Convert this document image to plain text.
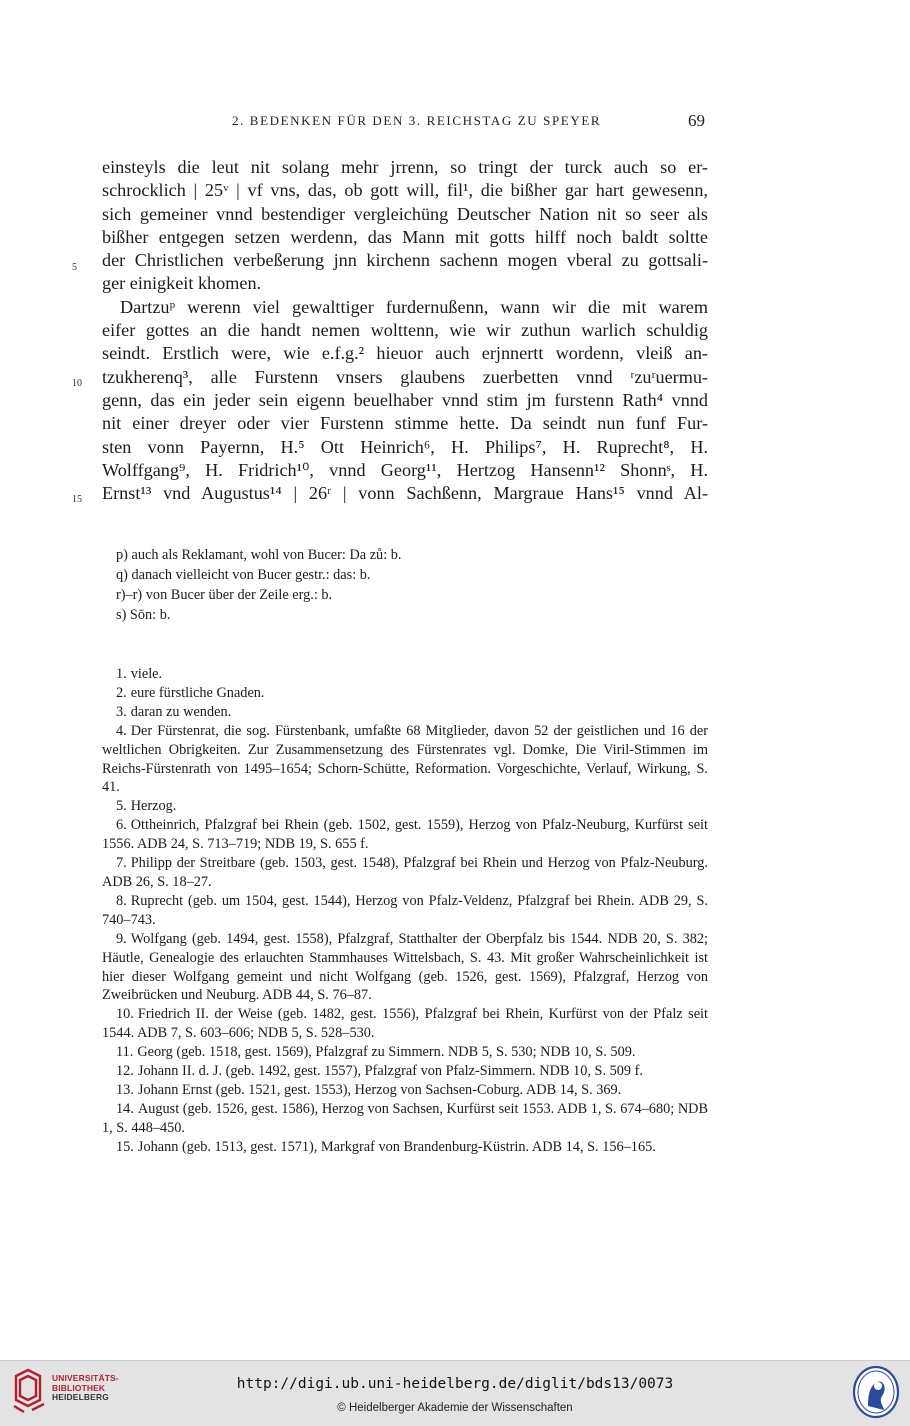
2. BEDENKEN FÜR DEN 3. REICHSTAG ZU SPEYER	69
einsteyls die leut nit solang mehr jrrenn, so tringt der turck auch so er-
schrocklich | 25ᵛ | vf vns, das, ob gott will, fil¹, die bißher gar hart gewesenn,
sich gemeiner vnnd bestendiger vergleichüng Deutscher Nation nit so seer als
bißher entgegen setzen werdenn, das Mann mit gotts hilff noch baldt soltte
der Christlichen verbeßerung jnn kirchenn sachenn mogen vberal zu gottsali-
ger einigkeit khomen.
Dartzuᵖ werenn viel gewalttiger furdernußenn, wann wir die mit warem
eifer gottes an die handt nemen wolttenn, wie wir zuthun warlich schuldig
seindt. Erstlich were, wie e.f.g.² hieuor auch erjnnertt wordenn, vleiß an-
tzukherenq³, alle Furstenn vnsers glaubens zuerbetten vnnd ʳzuʳuermu-
genn, das ein jeder sein eigenn beuelhaber vnnd stim jm furstenn Rath⁴ vnnd
nit einer dreyer oder vier Furstenn stimme hette. Da seindt nun funf Fur-
sten vonn Payernn, H.⁵ Ott Heinrich⁶, H. Philips⁷, H. Ruprecht⁸, H.
Wolffgang⁹, H. Fridrich¹⁰, vnnd Georg¹¹, Hertzog Hansenn¹² Shonnˢ, H.
Ernst¹³ vnd Augustus¹⁴ | 26ʳ | vonn Sachßenn, Margraue Hans¹⁵ vnnd Al-
5
10
15
p) auch als Reklamant, wohl von Bucer: Da zů: b.
q) danach vielleicht von Bucer gestr.: das: b.
r)–r) von Bucer über der Zeile erg.: b.
s) Sōn: b.
1. viele.
2. eure fürstliche Gnaden.
3. daran zu wenden.
4. Der Fürstenrat, die sog. Fürstenbank, umfaßte 68 Mitglieder, davon 52 der geistlichen und 16 der weltlichen Obrigkeiten. Zur Zusammensetzung des Fürstenrates vgl. Domke, Die Viril-Stimmen im Reichs-Fürstenrath von 1495–1654; Schorn-Schütte, Reformation. Vorgeschichte, Verlauf, Wirkung, S. 41.
5. Herzog.
6. Ottheinrich, Pfalzgraf bei Rhein (geb. 1502, gest. 1559), Herzog von Pfalz-Neuburg, Kurfürst seit 1556. ADB 24, S. 713–719; NDB 19, S. 655 f.
7. Philipp der Streitbare (geb. 1503, gest. 1548), Pfalzgraf bei Rhein und Herzog von Pfalz-Neuburg. ADB 26, S. 18–27.
8. Ruprecht (geb. um 1504, gest. 1544), Herzog von Pfalz-Veldenz, Pfalzgraf bei Rhein. ADB 29, S. 740–743.
9. Wolfgang (geb. 1494, gest. 1558), Pfalzgraf, Statthalter der Oberpfalz bis 1544. NDB 20, S. 382; Häutle, Genealogie des erlauchten Stammhauses Wittelsbach, S. 43. Mit großer Wahrscheinlichkeit ist hier dieser Wolfgang gemeint und nicht Wolfgang (geb. 1526, gest. 1569), Pfalzgraf, Herzog von Zweibrücken und Neuburg. ADB 44, S. 76–87.
10. Friedrich II. der Weise (geb. 1482, gest. 1556), Pfalzgraf bei Rhein, Kurfürst von der Pfalz seit 1544. ADB 7, S. 603–606; NDB 5, S. 528–530.
11. Georg (geb. 1518, gest. 1569), Pfalzgraf zu Simmern. NDB 5, S. 530; NDB 10, S. 509.
12. Johann II. d. J. (geb. 1492, gest. 1557), Pfalzgraf von Pfalz-Simmern. NDB 10, S. 509 f.
13. Johann Ernst (geb. 1521, gest. 1553), Herzog von Sachsen-Coburg. ADB 14, S. 369.
14. August (geb. 1526, gest. 1586), Herzog von Sachsen, Kurfürst seit 1553. ADB 1, S. 674–680; NDB 1, S. 448–450.
15. Johann (geb. 1513, gest. 1571), Markgraf von Brandenburg-Küstrin. ADB 14, S. 156–165.
UNIVERSITÄTS-
BIBLIOTHEK
HEIDELBERG
http://digi.ub.uni-heidelberg.de/diglit/bds13/0073
© Heidelberger Akademie der Wissenschaften
